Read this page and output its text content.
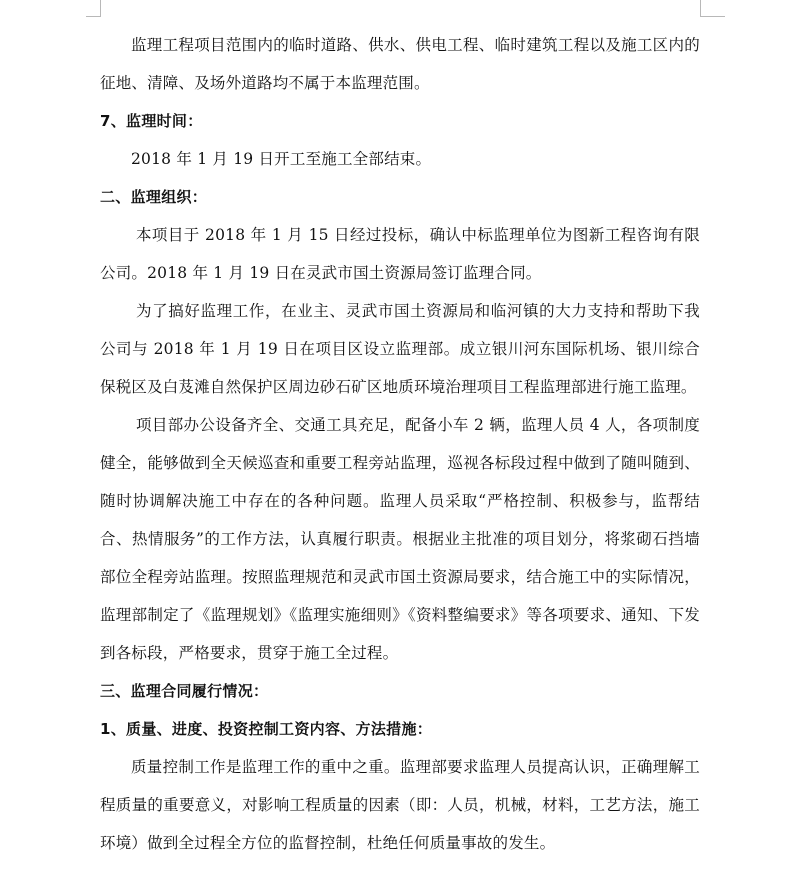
监理工程项目范围内的临时道路、供水、供电工程、临时建筑工程以及施工区内的征地、清障、及场外道路均不属于本监理范围。

7、监理时间：

2018 年 1 月 19 日开工至施工全部结束。

二、监理组织：

本项目于 2018 年 1 月 15 日经过投标，确认中标监理单位为图新工程咨询有限公司。2018 年 1 月 19 日在灵武市国土资源局签订监理合同。

为了搞好监理工作，在业主、灵武市国土资源局和临河镇的大力支持和帮助下我公司与 2018 年 1 月 19 日在项目区设立监理部。成立银川河东国际机场、银川综合保税区及白芨滩自然保护区周边砂石矿区地质环境治理项目工程监理部进行施工监理。

项目部办公设备齐全、交通工具充足，配备小车 2 辆，监理人员 4 人，各项制度健全，能够做到全天候巡查和重要工程旁站监理，巡视各标段过程中做到了随叫随到、随时协调解决施工中存在的各种问题。监理人员采取“严格控制、积极参与，监帮结合、热情服务”的工作方法，认真履行职责。根据业主批准的项目划分，将浆砌石挡墙部位全程旁站监理。按照监理规范和灵武市国土资源局要求，结合施工中的实际情况，监理部制定了《监理规划》《监理实施细则》《资料整编要求》等各项要求、通知、下发到各标段，严格要求，贯穿于施工全过程。

三、监理合同履行情况：

1、质量、进度、投资控制工资内容、方法措施：

质量控制工作是监理工作的重中之重。监理部要求监理人员提高认识，正确理解工程质量的重要意义，对影响工程质量的因素（即：人员，机械，材料，工艺方法，施工环境）做到全过程全方位的监督控制，杜绝任何质量事故的发生。
